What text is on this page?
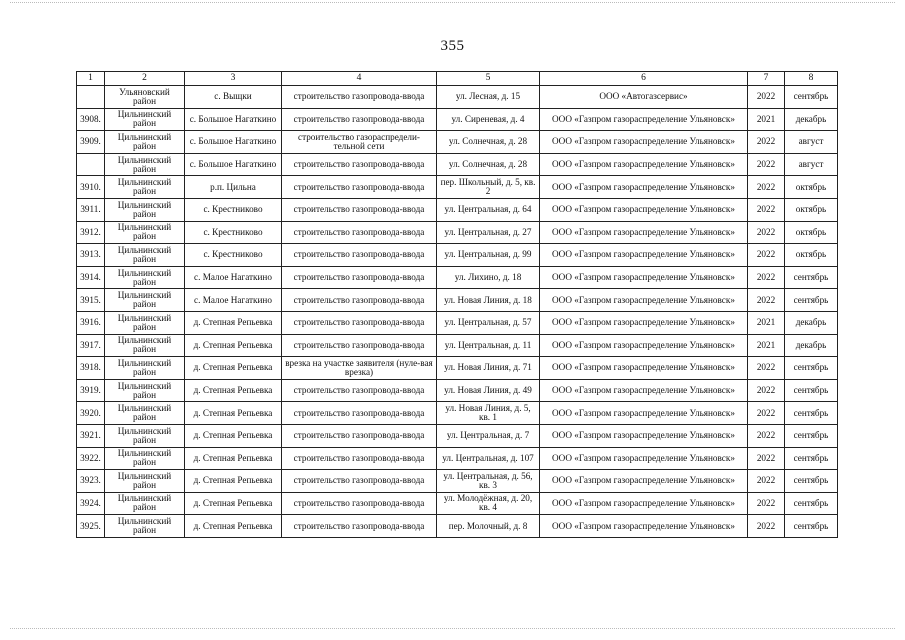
355
1	2	3	4	5	6	7	8
	Ульяновский район	с. Выщки	строительство газопровода-ввода	ул. Лесная, д. 15	ООО «Автогазсервис»	2022	сентябрь
3908.	Цильнинский район	с. Большое Нагаткино	строительство газопровода-ввода	ул. Сиреневая, д. 4	ООО «Газпром газораспределение Ульяновск»	2021	декабрь
3909.	Цильнинский район	с. Большое Нагаткино	строительство газораспредели-тельной сети	ул. Солнечная, д. 28	ООО «Газпром газораспределение Ульяновск»	2022	август
	Цильнинский район	с. Большое Нагаткино	строительство газопровода-ввода	ул. Солнечная, д. 28	ООО «Газпром газораспределение Ульяновск»	2022	август
3910.	Цильнинский район	р.п. Цильна	строительство газопровода-ввода	пер. Школьный, д. 5, кв. 2	ООО «Газпром газораспределение Ульяновск»	2022	октябрь
3911.	Цильнинский район	с. Крестниково	строительство газопровода-ввода	ул. Центральная, д. 64	ООО «Газпром газораспределение Ульяновск»	2022	октябрь
3912.	Цильнинский район	с. Крестниково	строительство газопровода-ввода	ул. Центральная, д. 27	ООО «Газпром газораспределение Ульяновск»	2022	октябрь
3913.	Цильнинский район	с. Крестниково	строительство газопровода-ввода	ул. Центральная, д. 99	ООО «Газпром газораспределение Ульяновск»	2022	октябрь
3914.	Цильнинский район	с. Малое Нагаткино	строительство газопровода-ввода	ул. Лихино, д. 18	ООО «Газпром газораспределение Ульяновск»	2022	сентябрь
3915.	Цильнинский район	с. Малое Нагаткино	строительство газопровода-ввода	ул. Новая Линия, д. 18	ООО «Газпром газораспределение Ульяновск»	2022	сентябрь
3916.	Цильнинский район	д. Степная Репьевка	строительство газопровода-ввода	ул. Центральная, д. 57	ООО «Газпром газораспределение Ульяновск»	2021	декабрь
3917.	Цильнинский район	д. Степная Репьевка	строительство газопровода-ввода	ул. Центральная, д. 11	ООО «Газпром газораспределение Ульяновск»	2021	декабрь
3918.	Цильнинский район	д. Степная Репьевка	врезка на участке заявителя (нуле-вая врезка)	ул. Новая Линия, д. 71	ООО «Газпром газораспределение Ульяновск»	2022	сентябрь
3919.	Цильнинский район	д. Степная Репьевка	строительство газопровода-ввода	ул. Новая Линия, д. 49	ООО «Газпром газораспределение Ульяновск»	2022	сентябрь
3920.	Цильнинский район	д. Степная Репьевка	строительство газопровода-ввода	ул. Новая Линия, д. 5, кв. 1	ООО «Газпром газораспределение Ульяновск»	2022	сентябрь
3921.	Цильнинский район	д. Степная Репьевка	строительство газопровода-ввода	ул. Центральная, д. 7	ООО «Газпром газораспределение Ульяновск»	2022	сентябрь
3922.	Цильнинский район	д. Степная Репьевка	строительство газопровода-ввода	ул. Центральная, д. 107	ООО «Газпром газораспределение Ульяновск»	2022	сентябрь
3923.	Цильнинский район	д. Степная Репьевка	строительство газопровода-ввода	ул. Центральная, д. 56, кв. 3	ООО «Газпром газораспределение Ульяновск»	2022	сентябрь
3924.	Цильнинский район	д. Степная Репьевка	строительство газопровода-ввода	ул. Молодёжная, д. 20, кв. 4	ООО «Газпром газораспределение Ульяновск»	2022	сентябрь
3925.	Цильнинский район	д. Степная Репьевка	строительство газопровода-ввода	пер. Молочный, д. 8	ООО «Газпром газораспределение Ульяновск»	2022	сентябрь
